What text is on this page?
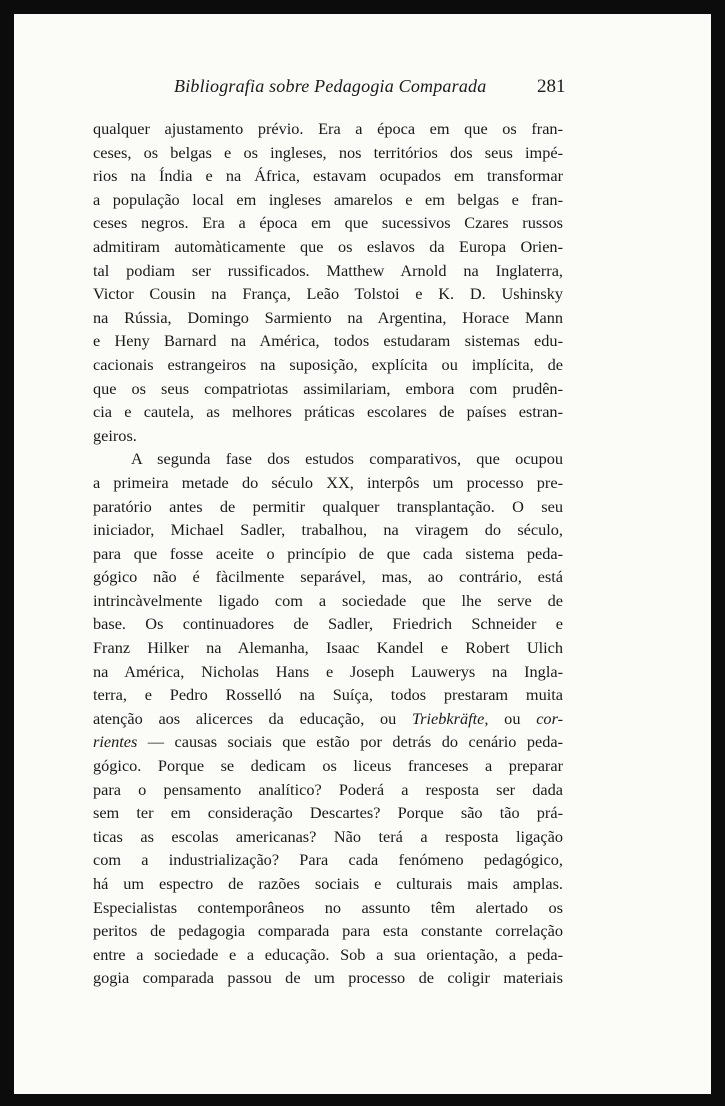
Bibliografia sobre Pedagogia Comparada	281
qualquer ajustamento prévio. Era a época em que os fran-
ceses, os belgas e os ingleses, nos territórios dos seus impé-
rios na Índia e na África, estavam ocupados em transformar
a população local em ingleses amarelos e em belgas e fran-
ceses negros. Era a época em que sucessivos Czares russos
admitiram automàticamente que os eslavos da Europa Orien-
tal podiam ser russificados. Matthew Arnold na Inglaterra,
Victor Cousin na França, Leão Tolstoi e K. D. Ushinsky
na Rússia, Domingo Sarmiento na Argentina, Horace Mann
e Heny Barnard na América, todos estudaram sistemas edu-
cacionais estrangeiros na suposição, explícita ou implícita, de
que os seus compatriotas assimilariam, embora com prudên-
cia e cautela, as melhores práticas escolares de países estran-
geiros.
A segunda fase dos estudos comparativos, que ocupou
a primeira metade do século XX, interpôs um processo pre-
paratório antes de permitir qualquer transplantação. O seu
iniciador, Michael Sadler, trabalhou, na viragem do século,
para que fosse aceite o princípio de que cada sistema peda-
gógico não é fàcilmente separável, mas, ao contrário, está
intrincàvelmente ligado com a sociedade que lhe serve de
base. Os continuadores de Sadler, Friedrich Schneider e
Franz Hilker na Alemanha, Isaac Kandel e Robert Ulich
na América, Nicholas Hans e Joseph Lauwerys na Ingla-
terra, e Pedro Rosselló na Suíça, todos prestaram muita
atenção aos alicerces da educação, ou Triebkräfte, ou cor-
rientes — causas sociais que estão por detrás do cenário peda-
gógico. Porque se dedicam os liceus franceses a preparar
para o pensamento analítico? Poderá a resposta ser dada
sem ter em consideração Descartes? Porque são tão prá-
ticas as escolas americanas? Não terá a resposta ligação
com a industrialização? Para cada fenómeno pedagógico,
há um espectro de razões sociais e culturais mais amplas.
Especialistas contemporâneos no assunto têm alertado os
peritos de pedagogia comparada para esta constante correlação
entre a sociedade e a educação. Sob a sua orientação, a peda-
gogia comparada passou de um processo de coligir materiais
